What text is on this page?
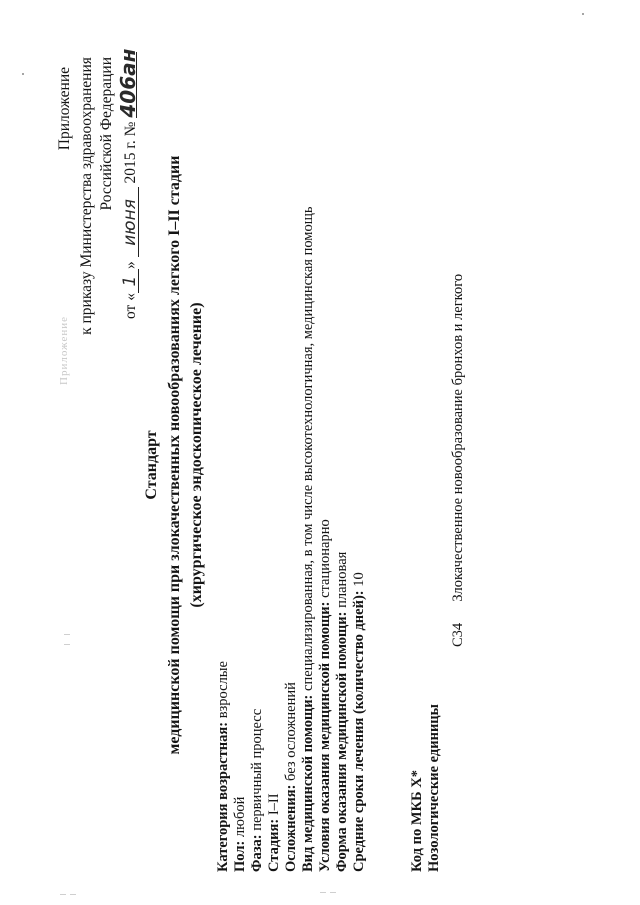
Приложение
Приложение к приказу Министерства здравоохранения Российской Федерации
от «1» июня 2015 г. № 406ан
Стандарт медицинской помощи при злокачественных новообразованиях легкого I–II стадии (хирургическое эндоскопическое лечение)
Категория возрастная: взрослые
Пол: любой
Фаза: первичный процесс
Стадия: I–II Осложнения: без осложнений Вид медицинской помощи: специализированная, в том числе высокотехнологичная, медицинская помощь
Условия оказания медицинской помощи: стационарно
Форма оказания медицинской помощи: плановая
Средние сроки лечения (количество дней): 10
Код по МКБ X* Нозологические единицы
C34  Злокачественное новообразование бронхов и легкого
